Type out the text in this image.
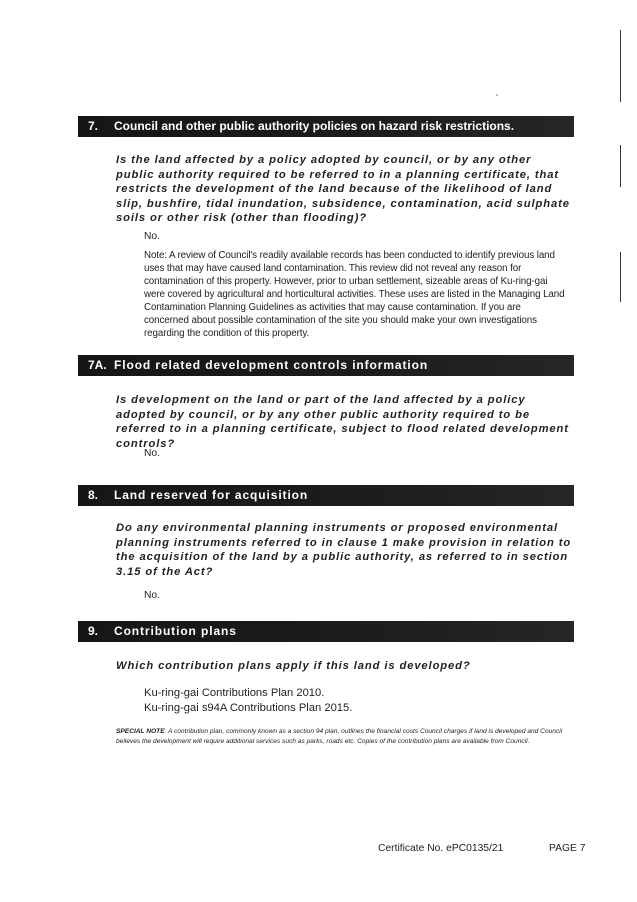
7. Council and other public authority policies on hazard risk restrictions.
Is the land affected by a policy adopted by council, or by any other public authority required to be referred to in a planning certificate, that restricts the development of the land because of the likelihood of land slip, bushfire, tidal inundation, subsidence, contamination, acid sulphate soils or other risk (other than flooding)?
No.
Note: A review of Council's readily available records has been conducted to identify previous land uses that may have caused land contamination. This review did not reveal any reason for contamination of this property. However, prior to urban settlement, sizeable areas of Ku-ring-gai were covered by agricultural and horticultural activities. These uses are listed in the Managing Land Contamination Planning Guidelines as activities that may cause contamination. If you are concerned about possible contamination of the site you should make your own investigations regarding the condition of this property.
7A. Flood related development controls information
Is development on the land or part of the land affected by a policy adopted by council, or by any other public authority required to be referred to in a planning certificate, subject to flood related development controls?
No.
8. Land reserved for acquisition
Do any environmental planning instruments or proposed environmental planning instruments referred to in clause 1 make provision in relation to the acquisition of the land by a public authority, as referred to in section 3.15 of the Act?
No.
9. Contribution plans
Which contribution plans apply if this land is developed?
Ku-ring-gai Contributions Plan 2010.
Ku-ring-gai s94A Contributions Plan 2015.
SPECIAL NOTE: A contribution plan, commonly known as a section 94 plan, outlines the financial costs Council charges if land is developed and Council believes the development will require additional services such as parks, roads etc. Copies of the contribution plans are available from Council.
Certificate No. ePC0135/21	PAGE 7
